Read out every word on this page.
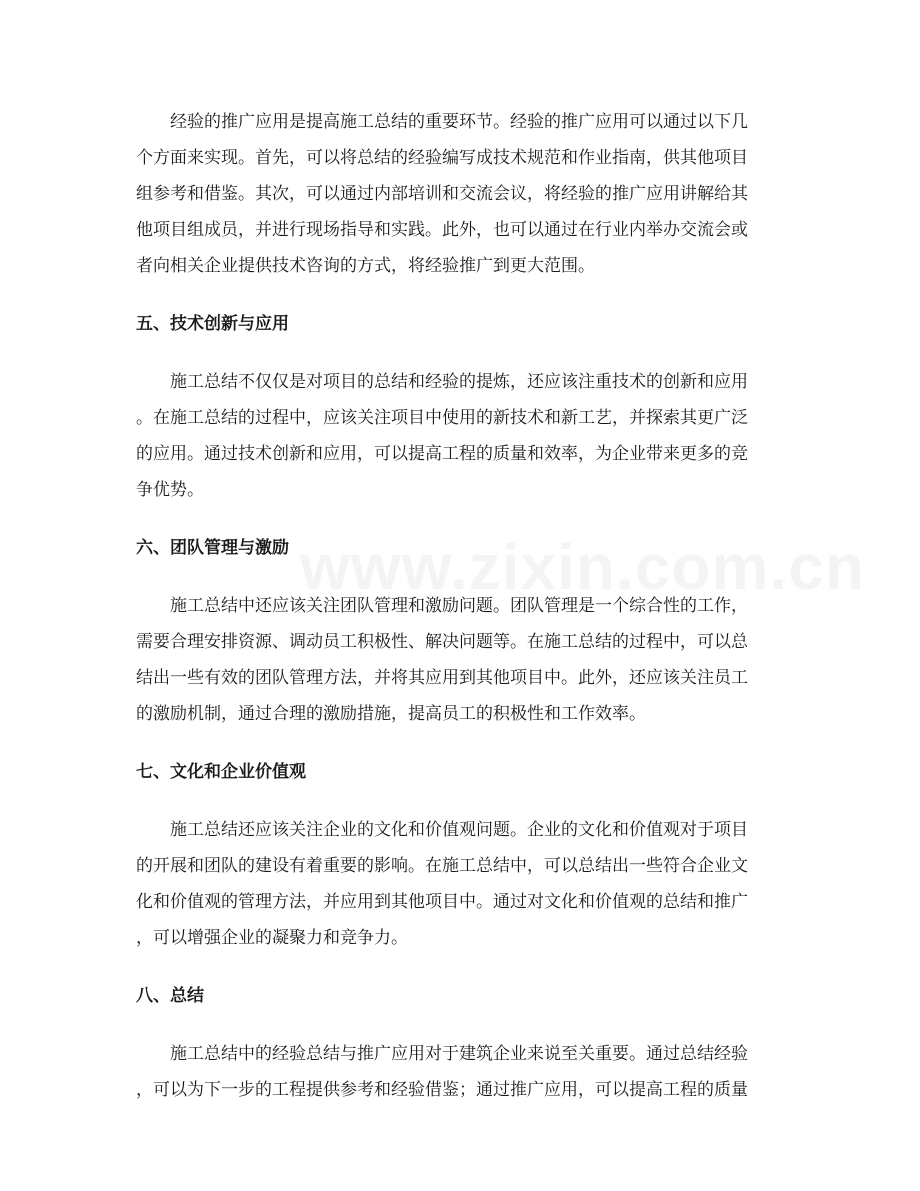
经验的推广应用是提高施工总结的重要环节。经验的推广应用可以通过以下几
个方面来实现。首先，可以将总结的经验编写成技术规范和作业指南，供其他项目
组参考和借鉴。其次，可以通过内部培训和交流会议，将经验的推广应用讲解给其
他项目组成员，并进行现场指导和实践。此外，也可以通过在行业内举办交流会或
者向相关企业提供技术咨询的方式，将经验推广到更大范围。

五、技术创新与应用

施工总结不仅仅是对项目的总结和经验的提炼，还应该注重技术的创新和应用
。在施工总结的过程中，应该关注项目中使用的新技术和新工艺，并探索其更广泛
的应用。通过技术创新和应用，可以提高工程的质量和效率，为企业带来更多的竞
争优势。

六、团队管理与激励

施工总结中还应该关注团队管理和激励问题。团队管理是一个综合性的工作，
需要合理安排资源、调动员工积极性、解决问题等。在施工总结的过程中，可以总
结出一些有效的团队管理方法，并将其应用到其他项目中。此外，还应该关注员工
的激励机制，通过合理的激励措施，提高员工的积极性和工作效率。

七、文化和企业价值观

施工总结还应该关注企业的文化和价值观问题。企业的文化和价值观对于项目
的开展和团队的建设有着重要的影响。在施工总结中，可以总结出一些符合企业文
化和价值观的管理方法，并应用到其他项目中。通过对文化和价值观的总结和推广
，可以增强企业的凝聚力和竞争力。

八、总结

施工总结中的经验总结与推广应用对于建筑企业来说至关重要。通过总结经验
，可以为下一步的工程提供参考和经验借鉴；通过推广应用，可以提高工程的质量
